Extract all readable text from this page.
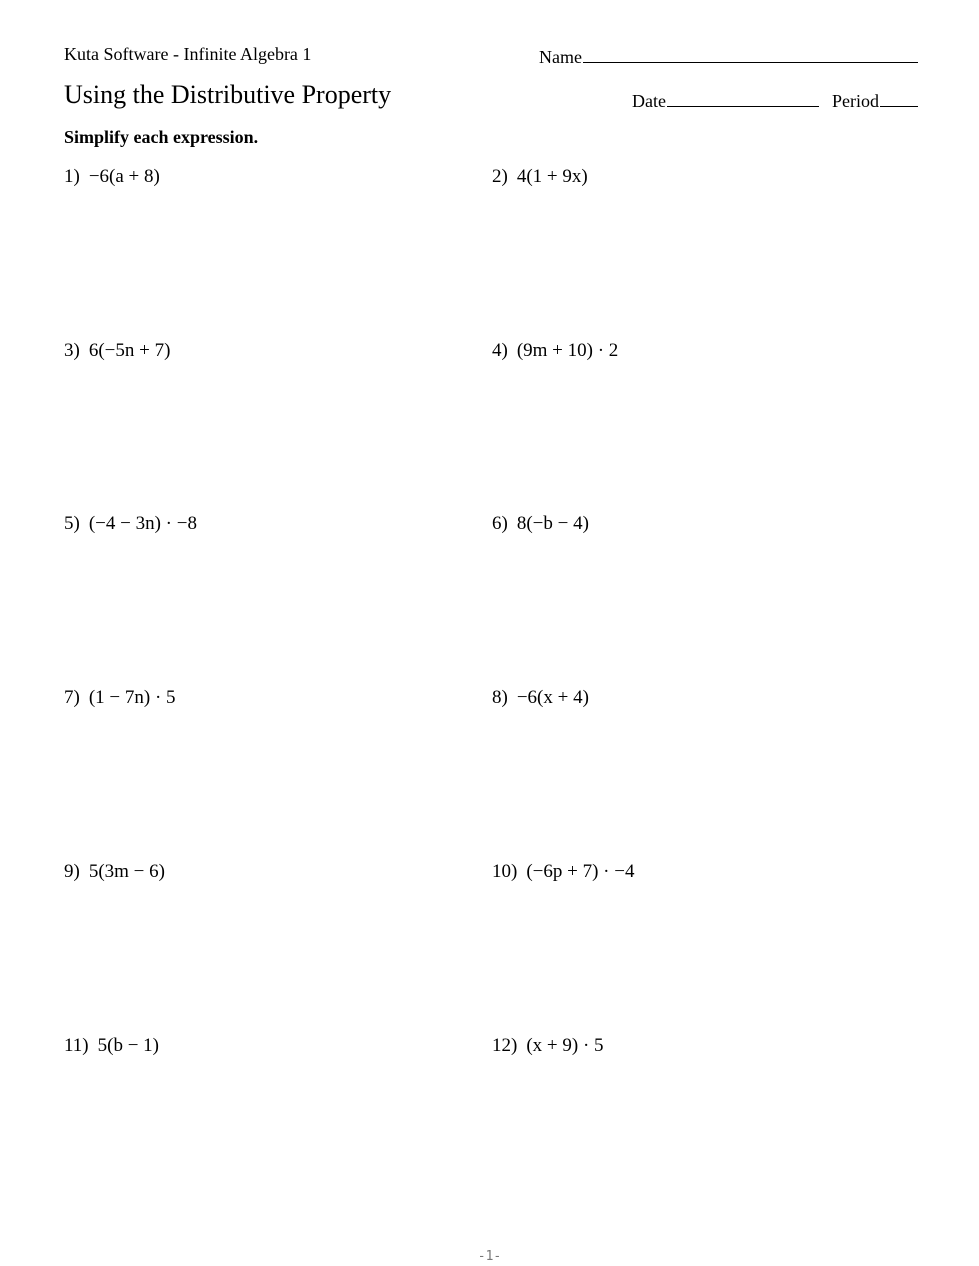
Kuta Software - Infinite Algebra 1	Name
Using the Distributive Property	Date	Period
Simplify each expression.
1) −6(a + 8)	2) 4(1 + 9x)
3) 6(−5n + 7)	4) (9m + 10) · 2
5) (−4 − 3n) · −8	6) 8(−b − 4)
7) (1 − 7n) · 5	8) −6(x + 4)
9) 5(3m − 6)	10) (−6p + 7) · −4
11) 5(b − 1)	12) (x + 9) · 5
-1-
